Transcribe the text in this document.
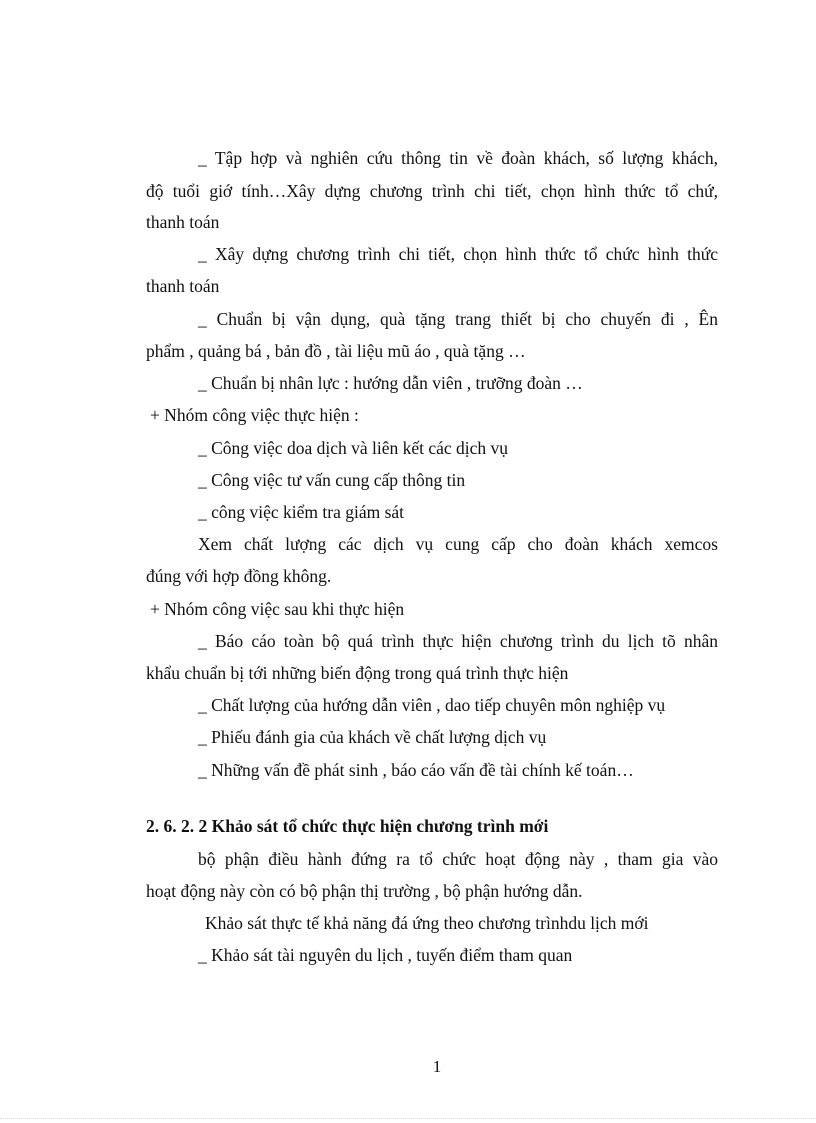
_ Tập hợp và nghiên cứu thông tin về đoàn khách, số lượng khách,
độ tuổi giớ tính…Xây dựng chương trình chi tiết, chọn hình thức tổ chứ,
thanh toán
_ Xây dựng chương trình chi tiết, chọn hình thức tổ chức hình thức
thanh toán
_ Chuẩn bị vận dụng, quà tặng trang thiết bị cho chuyến đi , Ên
phẩm , quảng bá , bản đồ , tài liệu mũ áo , quà tặng …
_ Chuẩn bị nhân lực : hướng dẫn viên , trưỡng đoàn …
+ Nhóm công việc thực hiện :
_ Công việc doa dịch và liên kết các dịch vụ
_ Công việc tư vấn cung cấp thông tin
_ công việc kiểm tra giám sát
Xem chất lượng các dịch vụ cung cấp cho đoàn khách xemcos
đúng với hợp đồng không.
+ Nhóm công việc sau khi thực hiện
_ Báo cáo toàn bộ quá trình thực hiện chương trình du lịch tõ nhân
khẩu chuẩn bị tới những biến động trong quá trình thực hiện
_ Chất lượng của hướng dẫn viên , dao tiếp chuyên môn nghiệp vụ
_ Phiếu đánh gia của khách về chất lượng dịch vụ
_ Những vấn đề phát sinh , báo cáo vấn đề tài chính kế toán…
2. 6. 2. 2 Khảo sát tổ chức thực hiện chương trình mới
bộ phận điều hành đứng ra tổ chức hoạt động này , tham gia vào
hoạt động này còn có bộ phận thị trường , bộ phận hướng dẫn.
Khảo sát thực tế khả năng đá ứng theo chương trìnhdu lịch mới
_ Khảo sát tài nguyên du lịch , tuyến điểm tham quan
1
